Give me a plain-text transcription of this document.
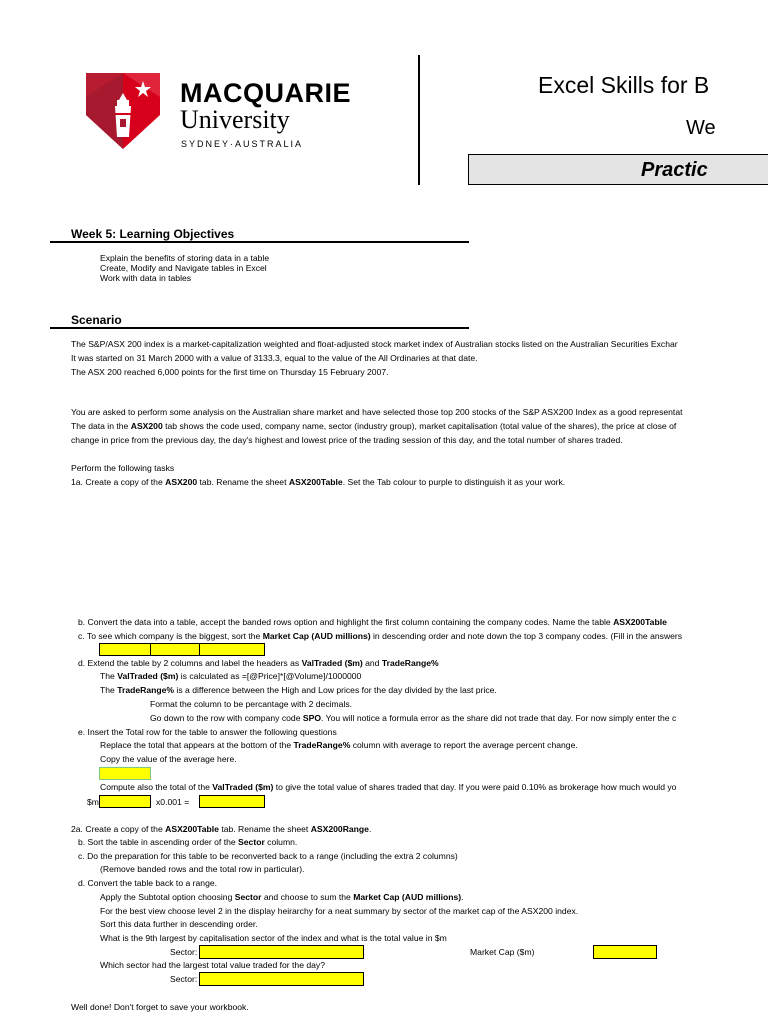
MACQUARIE
University
SYDNEY·AUSTRALIA
Excel Skills for B
We
Practic
Week 5: Learning Objectives
Explain the benefits of storing data in a table
Create, Modify and Navigate tables in Excel
Work with data in tables
Scenario
The S&P/ASX 200 index is a market-capitalization weighted and float-adjusted stock market index of Australian stocks listed on the Australian Securities Exchar
It was started on 31 March 2000 with a value of 3133.3, equal to the value of the All Ordinaries at that date.
The ASX 200 reached 6,000 points for the first time on Thursday 15 February 2007.
You are asked to perform some analysis on the Australian share market and have selected those top 200 stocks of the S&P ASX200 Index as a good representat
The data in the ASX200 tab shows the code used, company name, sector (industry group), market capitalisation (total value of the shares), the price at close of
change in price from the previous day, the day's highest and lowest price of the trading session of this day, and the total number of shares traded.
Perform the following tasks
1a. Create a copy of the ASX200 tab. Rename the sheet ASX200Table. Set the Tab colour to purple to distinguish it as your work.
b. Convert the data into a table, accept the banded rows option and highlight the first column containing the company codes. Name the table ASX200Table
c. To see which company is the biggest, sort the Market Cap (AUD millions) in descending order and note down the top 3 company codes. (Fill in the answers
d. Extend the table by 2 columns and label the headers as ValTraded ($m) and TradeRange%
The ValTraded ($m) is calculated as =[@Price]*[@Volume]/1000000
The TradeRange% is a difference between the High and Low prices for the day divided by the last price.
Format the column to be percantage with 2 decimals.
Go down to the row with company code SPO. You will notice a formula error as the share did not trade that day. For now simply enter the c
e. Insert the Total row for the table to answer the following questions
Replace the total that appears at the bottom of the TradeRange% column with average to report the average percent change.
Copy the value of the average here.
Compute also the total of the ValTraded ($m) to give the total value of shares traded that day. If you were paid 0.10% as brokerage how much would yo
$m	x0.001 =
2a. Create a copy of the ASX200Table tab. Rename the sheet ASX200Range.
b. Sort the table in ascending order of the Sector column.
c. Do the preparation for this table to be reconverted back to a range (including the extra 2 columns)
(Remove banded rows and the total row in particular).
d. Convert the table back to a range.
Apply the Subtotal option choosing Sector and choose to sum the Market Cap (AUD millions).
For the best view choose level 2 in the display heirarchy for a neat summary by sector of the market cap of the ASX200 index.
Sort this data further in descending order.
What is the 9th largest by capitalisation sector of the index and what is the total value in $m
Sector:	Market Cap ($m)
Which sector had the largest total value traded for the day?
Sector:
Well done! Don't forget to save your workbook.
